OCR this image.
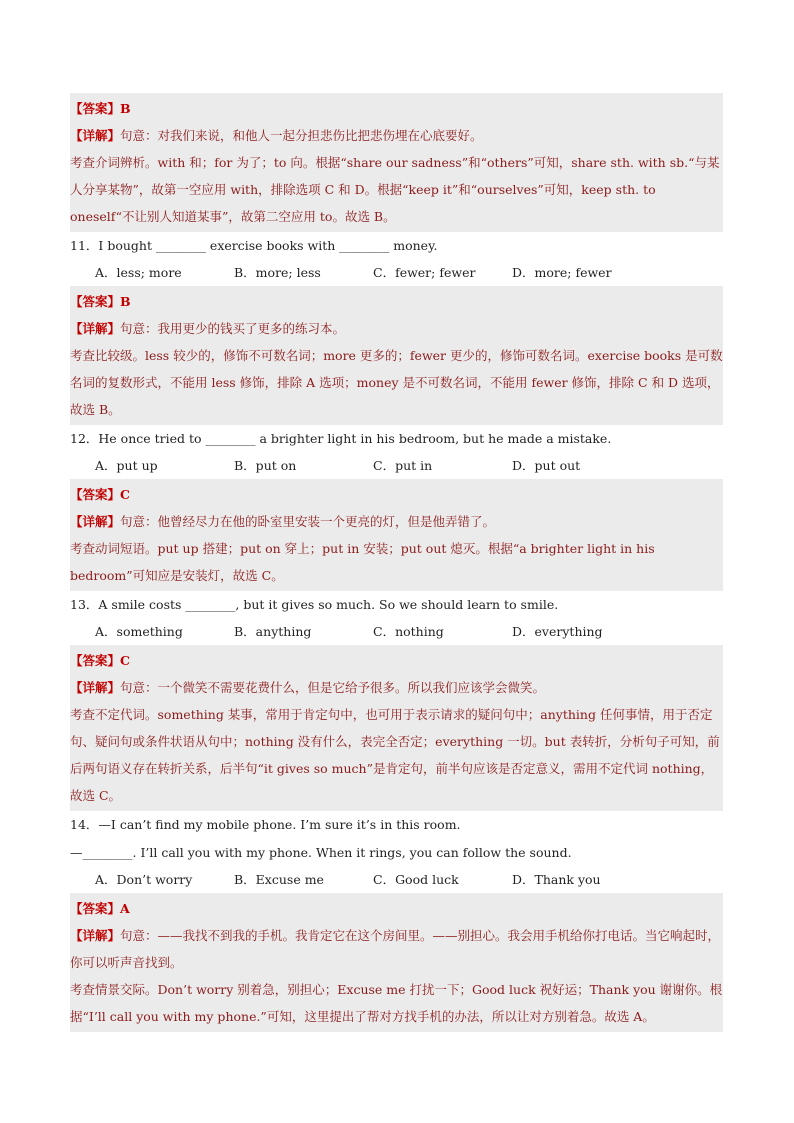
【答案】B
【详解】句意：对我们来说，和他人一起分担悲伤比把悲伤埋在心底要好。
考查介词辨析。with 和；for 为了；to 向。根据“share our sadness”和“others”可知，share sth. with sb.“与某人分享某物”，故第一空应用 with，排除选项 C 和 D。根据“keep it”和“ourselves”可知，keep sth. to oneself“不让别人知道某事”，故第二空应用 to。故选 B。
11．I bought ________ exercise books with ________ money.
A．less; more	B．more; less	C．fewer; fewer	D．more; fewer
【答案】B
【详解】句意：我用更少的钱买了更多的练习本。
考查比较级。less 较少的，修饰不可数名词；more 更多的；fewer 更少的，修饰可数名词。exercise books 是可数名词的复数形式，不能用 less 修饰，排除 A 选项；money 是不可数名词，不能用 fewer 修饰，排除 C 和 D 选项，故选 B。
12．He once tried to ________ a brighter light in his bedroom, but he made a mistake.
A．put up	B．put on	C．put in	D．put out
【答案】C
【详解】句意：他曾经尽力在他的卧室里安装一个更亮的灯，但是他弄错了。
考查动词短语。put up 搭建；put on 穿上；put in 安装；put out 熄灭。根据“a brighter light in his bedroom”可知应是安装灯，故选 C。
13．A smile costs ________, but it gives so much. So we should learn to smile.
A．something	B．anything	C．nothing	D．everything
【答案】C
【详解】句意：一个微笑不需要花费什么，但是它给予很多。所以我们应该学会微笑。
考查不定代词。something 某事，常用于肯定句中，也可用于表示请求的疑问句中；anything 任何事情，用于否定句、疑问句或条件状语从句中；nothing 没有什么，表完全否定；everything 一切。but 表转折，分析句子可知，前后两句语义存在转折关系，后半句“it gives so much”是肯定句，前半句应该是否定意义，需用不定代词 nothing，故选 C。
14．—I can’t find my mobile phone. I’m sure it’s in this room.
—________. I’ll call you with my phone. When it rings, you can follow the sound.
A．Don’t worry	B．Excuse me	C．Good luck	D．Thank you
【答案】A
【详解】句意：——我找不到我的手机。我肯定它在这个房间里。——别担心。我会用手机给你打电话。当它响起时，你可以听声音找到。
考查情景交际。Don’t worry 别着急，别担心；Excuse me 打扰一下；Good luck 祝好运；Thank you 谢谢你。根据“I’ll call you with my phone.”可知，这里提出了帮对方找手机的办法，所以让对方别着急。故选 A。
